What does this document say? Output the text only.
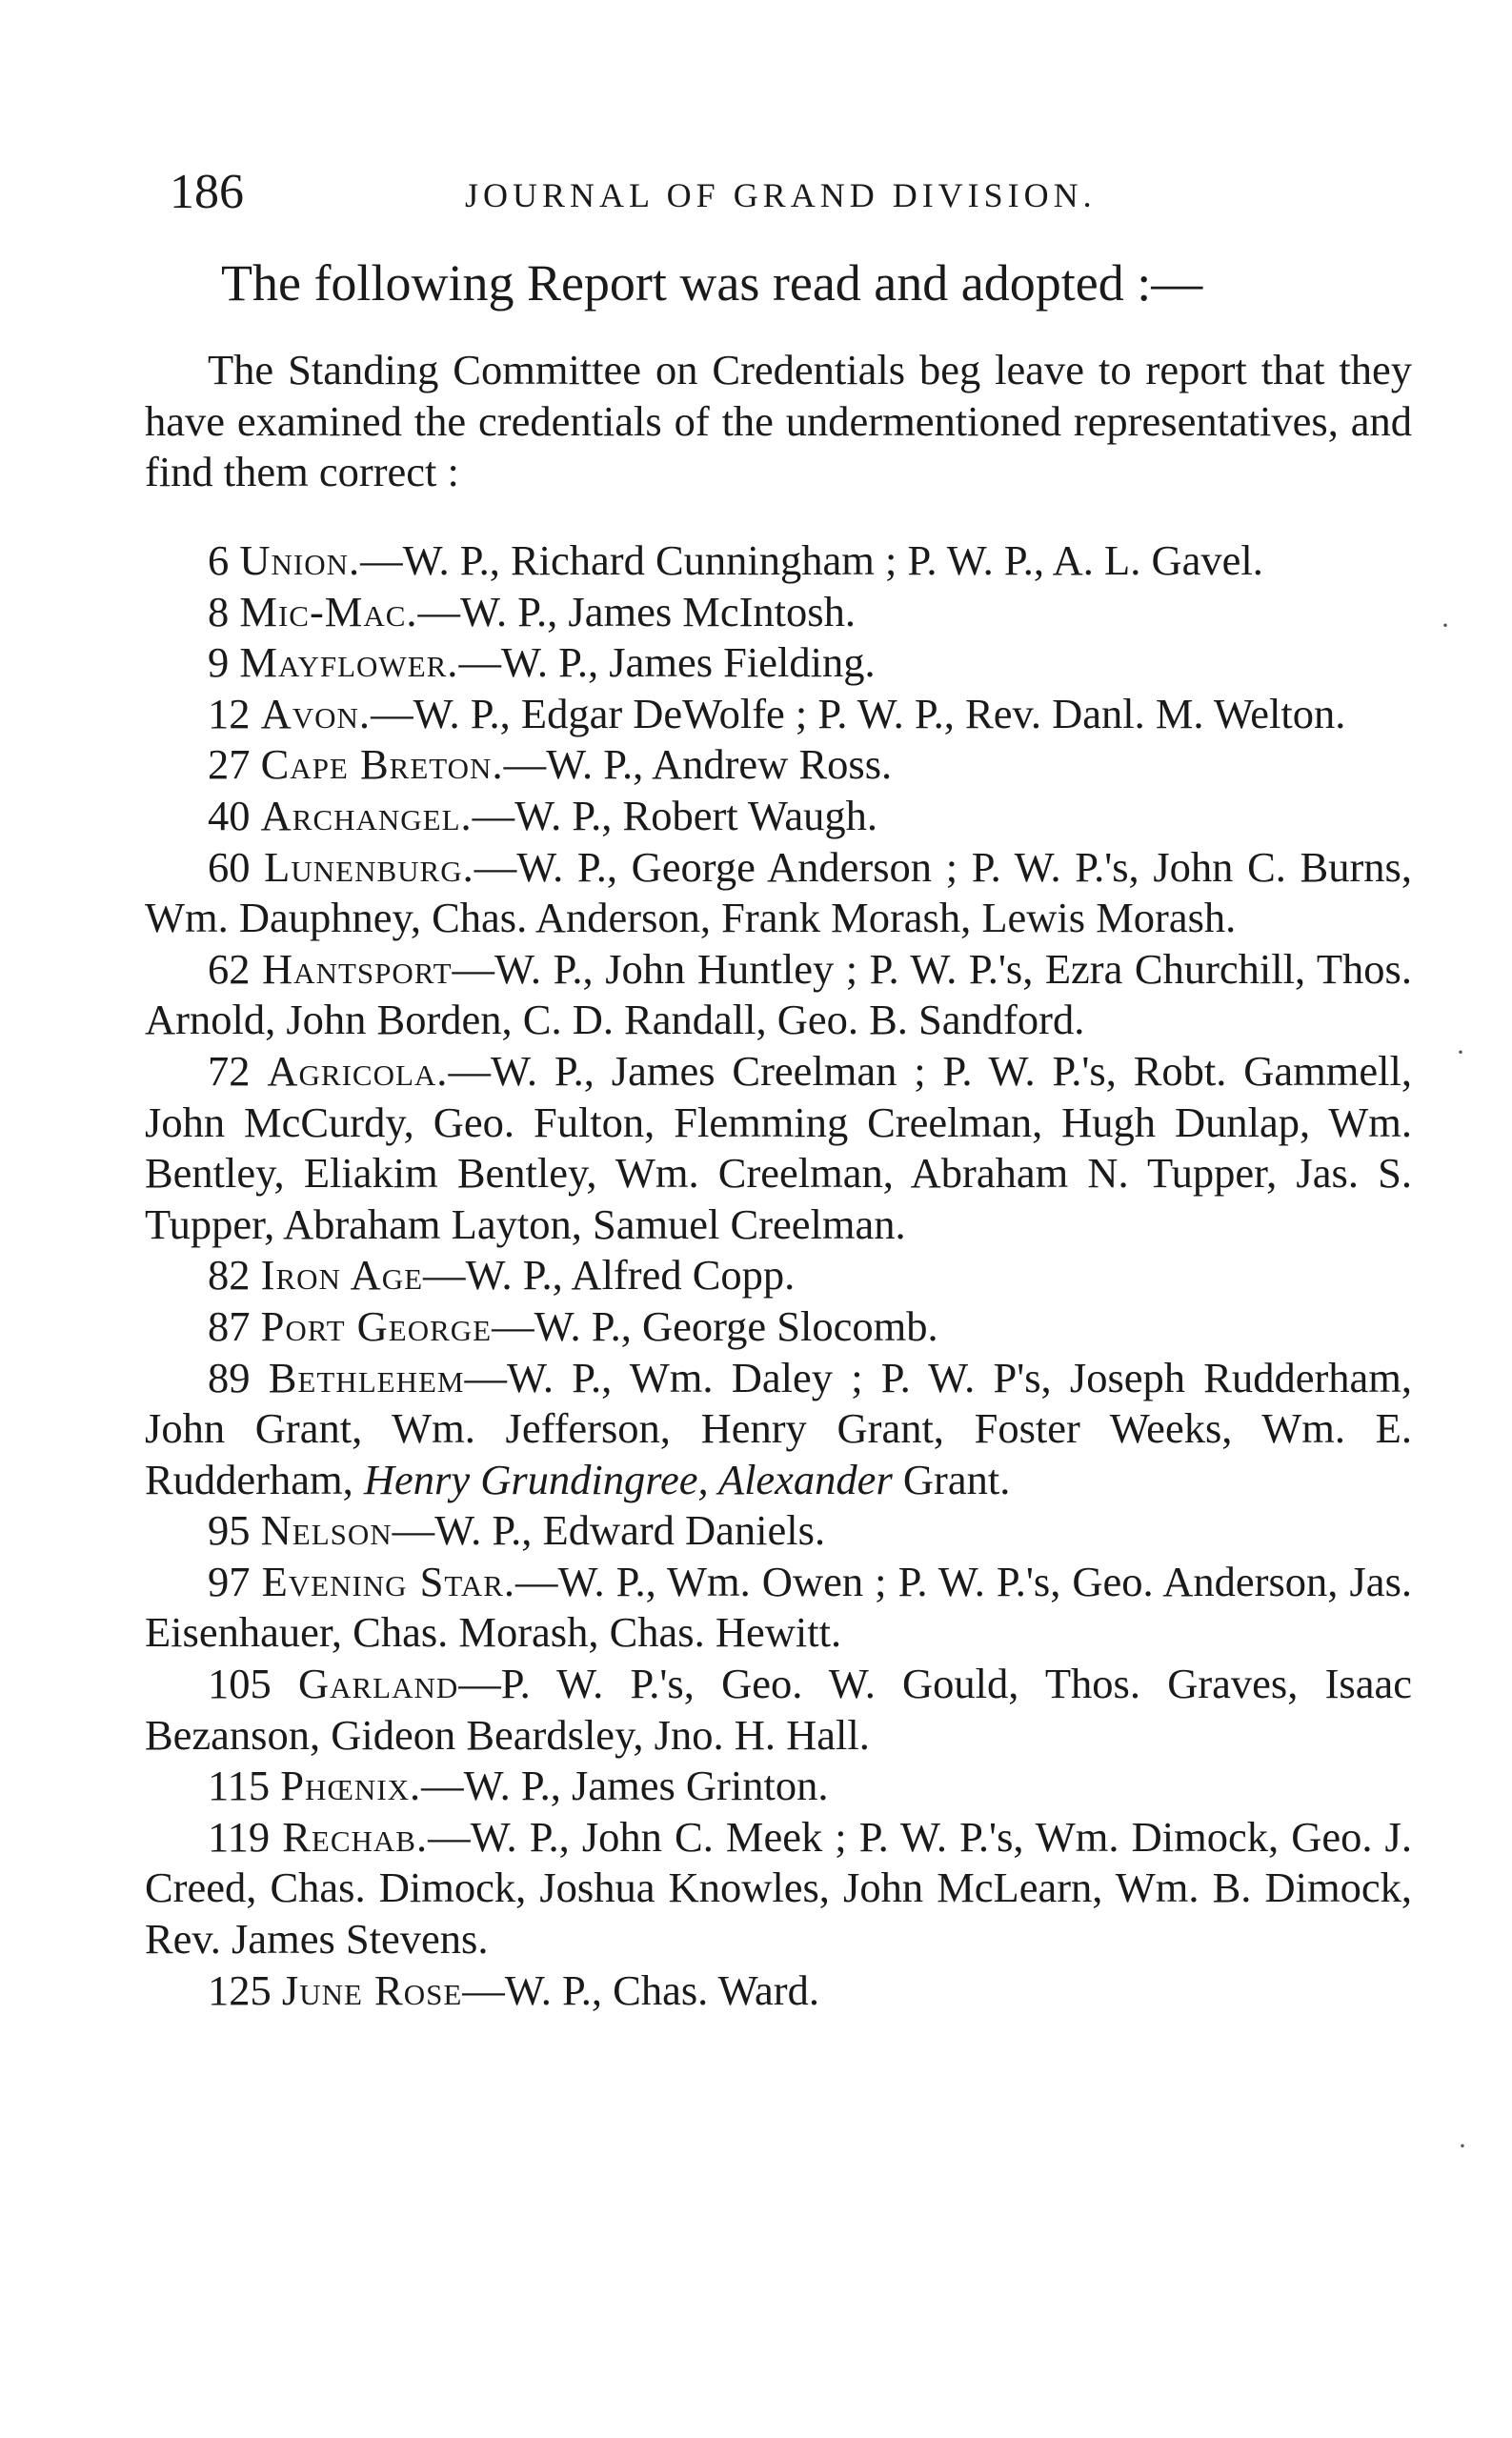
186	JOURNAL OF GRAND DIVISION.
The following Report was read and adopted :—

The Standing Committee on Credentials beg leave to report that they have examined the credentials of the undermentioned representatives, and find them correct :

6 Union.—W. P., Richard Cunningham ; P. W. P., A. L. Gavel.

8 Mic-Mac.—W. P., James McIntosh.

9 Mayflower.—W. P., James Fielding.

12 Avon.—W. P., Edgar DeWolfe ; P. W. P., Rev. Danl. M. Welton.

27 Cape Breton.—W. P., Andrew Ross.

40 Archangel.—W. P., Robert Waugh.

60 Lunenburg.—W. P., George Anderson ; P. W. P.'s, John C. Burns, Wm. Dauphney, Chas. Anderson, Frank Morash, Lewis Morash.

62 Hantsport—W. P., John Huntley ; P. W. P.'s, Ezra Churchill, Thos. Arnold, John Borden, C. D. Randall, Geo. B. Sandford.

72 Agricola.—W. P., James Creelman ; P. W. P.'s, Robt. Gammell, John McCurdy, Geo. Fulton, Flemming Creelman, Hugh Dunlap, Wm. Bentley, Eliakim Bentley, Wm. Creelman, Abraham N. Tupper, Jas. S. Tupper, Abraham Layton, Samuel Creelman.

82 Iron Age—W. P., Alfred Copp.

87 Port George—W. P., George Slocomb.

89 Bethlehem—W. P., Wm. Daley ; P. W. P's, Joseph Rudderham, John Grant, Wm. Jefferson, Henry Grant, Foster Weeks, Wm. E. Rudderham, Henry Grundingree, Alexander Grant.

95 Nelson—W. P., Edward Daniels.

97 Evening Star.—W. P., Wm. Owen ; P. W. P.'s, Geo. Anderson, Jas. Eisenhauer, Chas. Morash, Chas. Hewitt.

105 Garland—P. W. P.'s, Geo. W. Gould, Thos. Graves, Isaac Bezanson, Gideon Beardsley, Jno. H. Hall.

115 Phœnix.—W. P., James Grinton.

119 Rechab.—W. P., John C. Meek ; P. W. P.'s, Wm. Dimock, Geo. J. Creed, Chas. Dimock, Joshua Knowles, John McLearn, Wm. B. Dimock, Rev. James Stevens.

125 June Rose—W. P., Chas. Ward.

·
·
·
